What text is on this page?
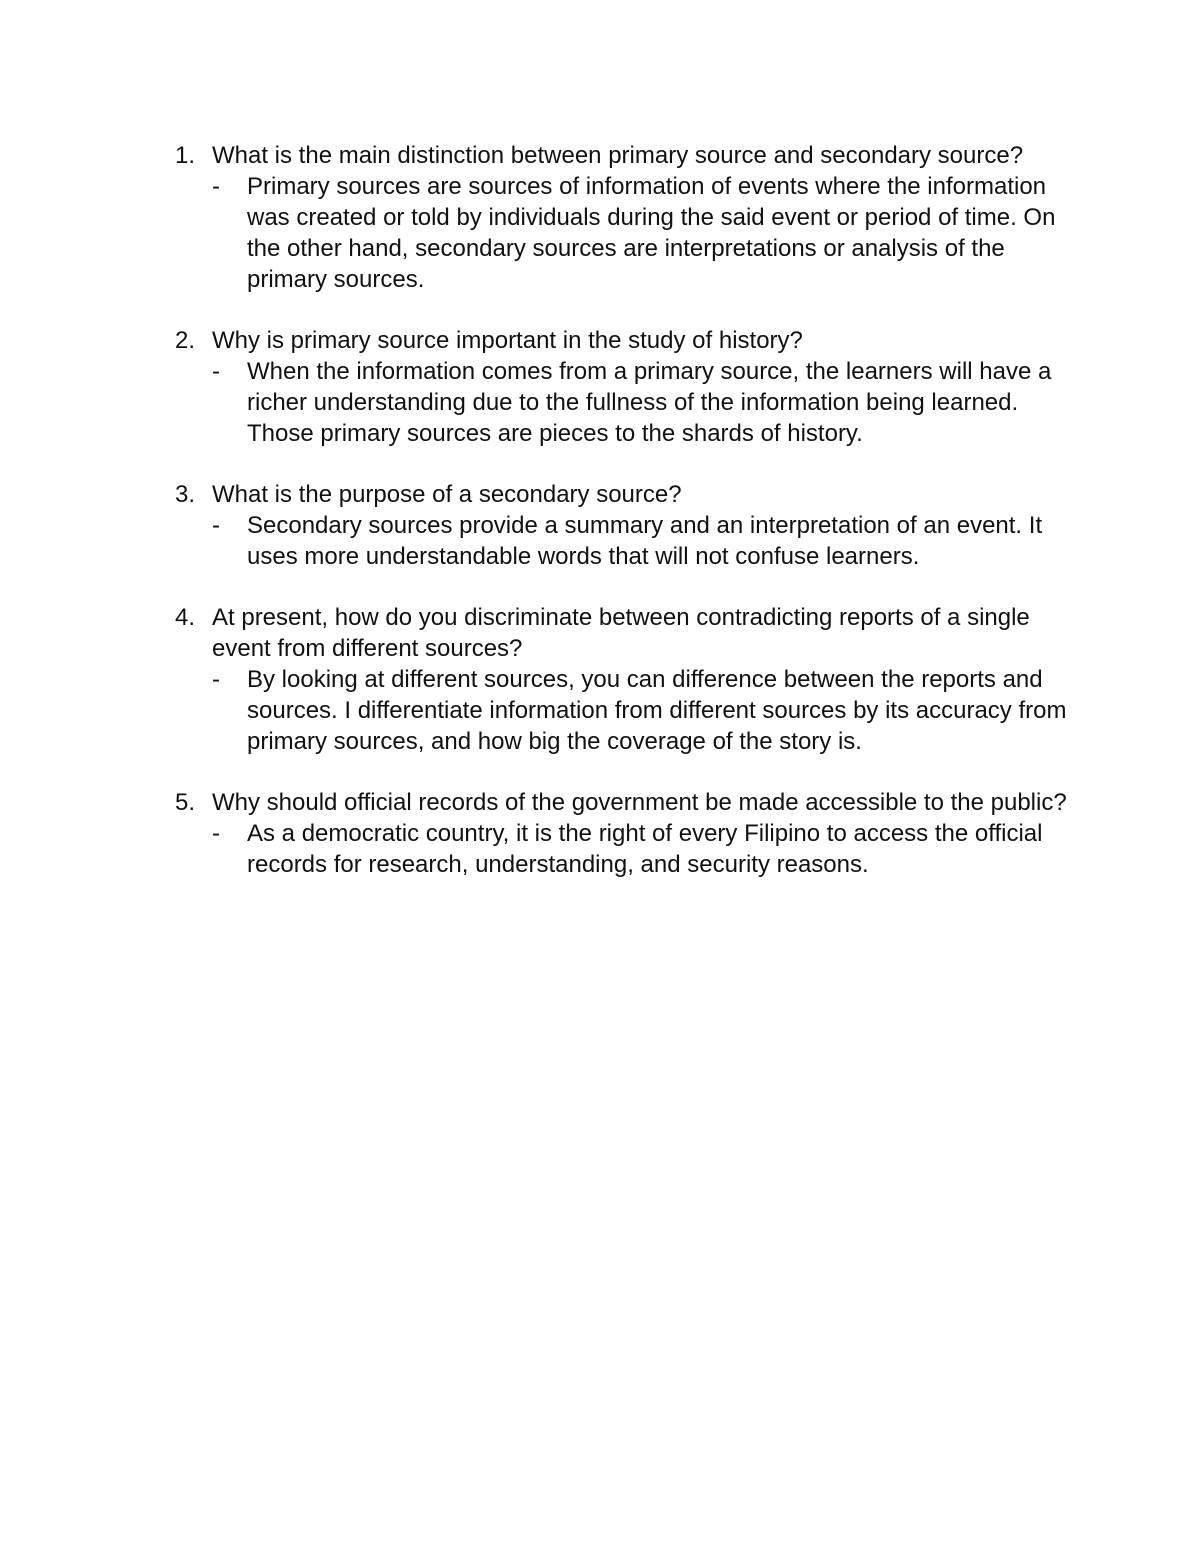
1. What is the main distinction between primary source and secondary source?
- Primary sources are sources of information of events where the information was created or told by individuals during the said event or period of time. On the other hand, secondary sources are interpretations or analysis of the primary sources.
2. Why is primary source important in the study of history?
- When the information comes from a primary source, the learners will have a richer understanding due to the fullness of the information being learned. Those primary sources are pieces to the shards of history.
3. What is the purpose of a secondary source?
- Secondary sources provide a summary and an interpretation of an event. It uses more understandable words that will not confuse learners.
4. At present, how do you discriminate between contradicting reports of a single event from different sources?
- By looking at different sources, you can difference between the reports and sources. I differentiate information from different sources by its accuracy from primary sources, and how big the coverage of the story is.
5. Why should official records of the government be made accessible to the public?
- As a democratic country, it is the right of every Filipino to access the official records for research, understanding, and security reasons.
